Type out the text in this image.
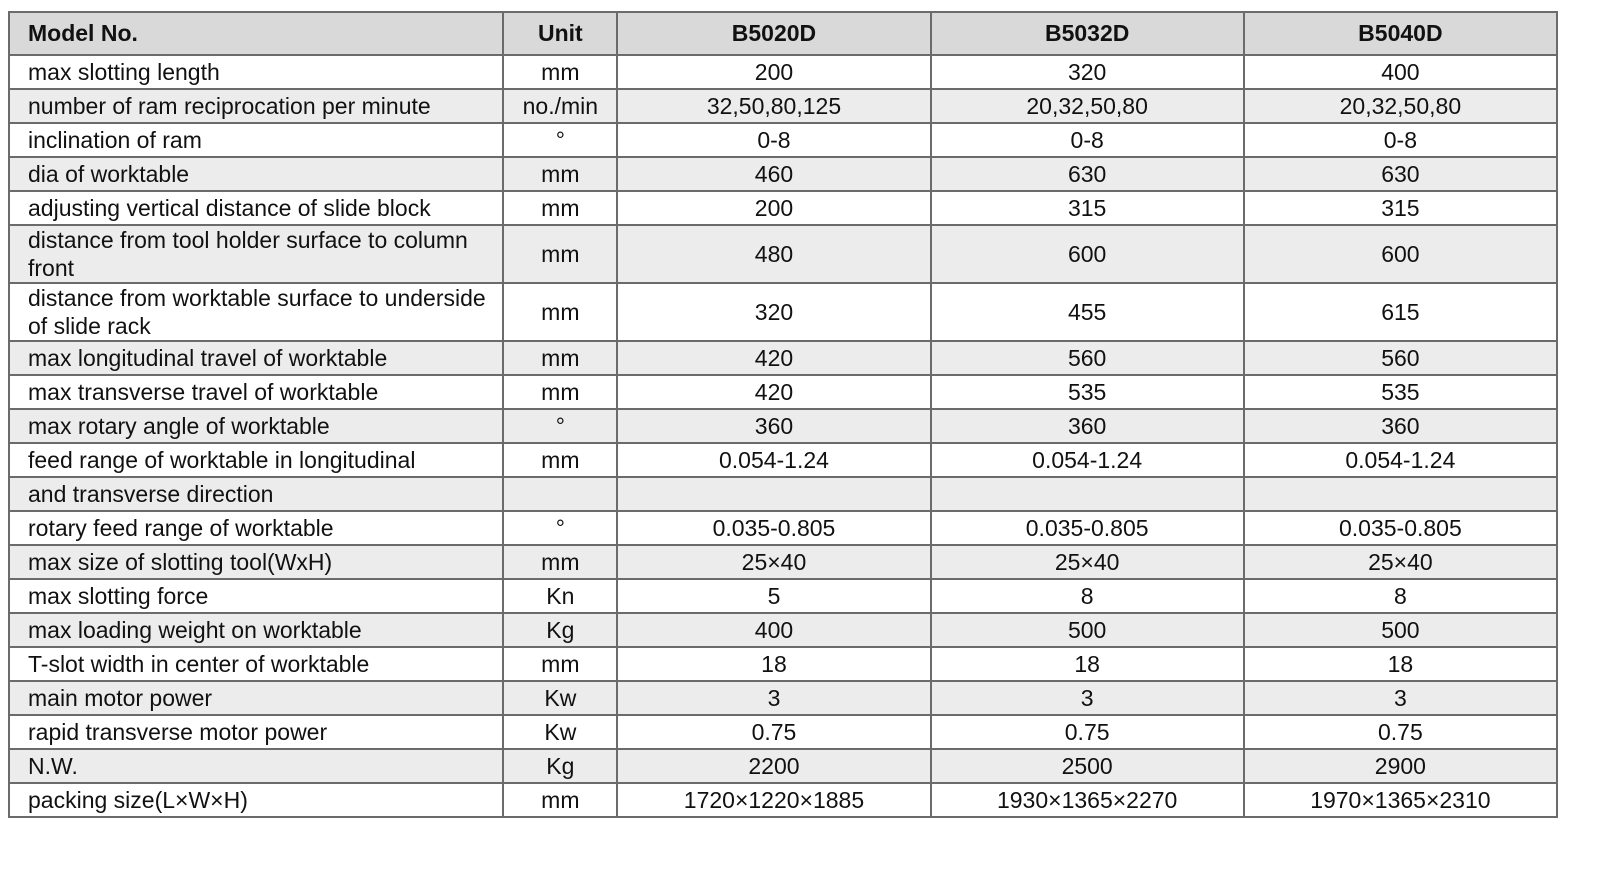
Model No.	Unit	B5020D	B5032D	B5040D
max slotting length	mm	200	320	400
number of ram reciprocation per minute	no./min	32,50,80,125	20,32,50,80	20,32,50,80
inclination of ram	°	0-8	0-8	0-8
dia of worktable	mm	460	630	630
adjusting vertical distance of slide block	mm	200	315	315
distance from tool holder surface to column front	mm	480	600	600
distance from worktable surface to underside of slide rack	mm	320	455	615
max longitudinal travel of worktable	mm	420	560	560
max transverse travel of worktable	mm	420	535	535
max rotary angle of worktable	°	360	360	360
feed range of worktable in longitudinal	mm	0.054-1.24	0.054-1.24	0.054-1.24
and transverse direction				
rotary feed range of worktable	°	0.035-0.805	0.035-0.805	0.035-0.805
max size of slotting tool(WxH)	mm	25×40	25×40	25×40
max slotting force	Kn	5	8	8
max loading weight on worktable	Kg	400	500	500
T-slot width in center of worktable	mm	18	18	18
main motor power	Kw	3	3	3
rapid transverse motor power	Kw	0.75	0.75	0.75
N.W.	Kg	2200	2500	2900
packing size(L×W×H)	mm	1720×1220×1885	1930×1365×2270	1970×1365×2310
